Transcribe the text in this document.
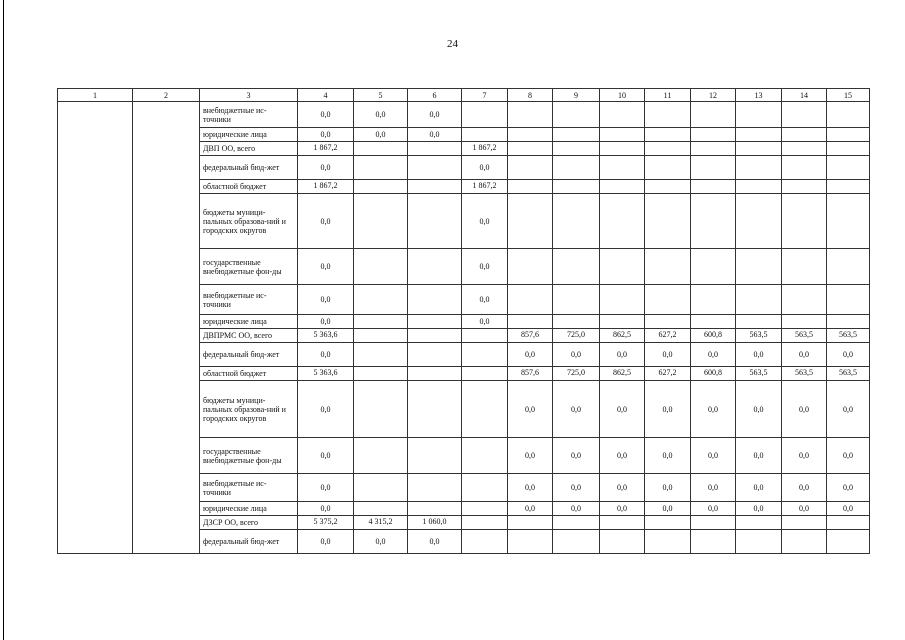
24
1	2	3	4	5	6	7	8	9	10	11	12	13	14	15
		внебюджетные ис-точники	0,0	0,0	0,0									
		юридические лица	0,0	0,0	0,0									
		ДВП ОО, всего	1 867,2			1 867,2								
		федеральный бюд-жет	0,0			0,0								
		областной бюджет	1 867,2			1 867,2								
		бюджеты муници-пальных образова-ний и городских округов	0,0			0,0								
		государственные внебюджетные фон-ды	0,0			0,0								
		внебюджетные ис-точники	0,0			0,0								
		юридические лица	0,0			0,0								
		ДВПРМС ОО, всего	5 363,6				857,6	725,0	862,5	627,2	600,8	563,5	563,5	563,5
		федеральный бюд-жет	0,0				0,0	0,0	0,0	0,0	0,0	0,0	0,0	0,0
		областной бюджет	5 363,6				857,6	725,0	862,5	627,2	600,8	563,5	563,5	563,5
		бюджеты муници-пальных образова-ний и городских округов	0,0				0,0	0,0	0,0	0,0	0,0	0,0	0,0	0,0
		государственные внебюджетные фон-ды	0,0				0,0	0,0	0,0	0,0	0,0	0,0	0,0	0,0
		внебюджетные ис-точники	0,0				0,0	0,0	0,0	0,0	0,0	0,0	0,0	0,0
		юридические лица	0,0				0,0	0,0	0,0	0,0	0,0	0,0	0,0	0,0
		ДЗСР ОО, всего	5 375,2	4 315,2	1 060,0									
		федеральный бюд-жет	0,0	0,0	0,0									
